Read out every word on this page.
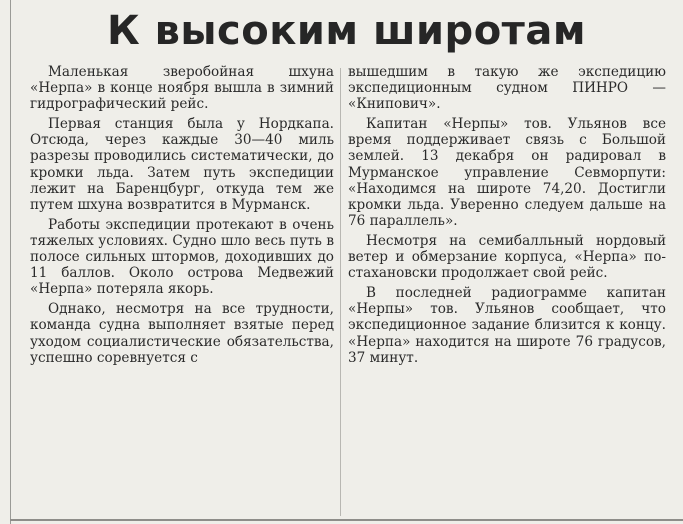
К высоким широтам

Маленькая зверобойная шхуна «Нерпа» в конце ноября вышла в зимний гидрографический рейс.

Первая станция была у Нордкапа. Отсюда, через каждые 30—40 миль разрезы проводились систематически, до кромки льда. Затем путь экспедиции лежит на Баренцбург, откуда тем же путем шхуна возвратится в Мурманск.

Работы экспедиции протекают в очень тяжелых условиях. Судно шло весь путь в полосе сильных штормов, доходивших до 11 баллов. Около острова Медвежий «Нерпа» потеряла якорь.

Однако, несмотря на все трудности, команда судна выполняет взятые перед уходом социалистические обязательства, успешно соревнуется с

вышедшим в такую же экспедицию экспедиционным судном ПИНРО — «Книпович».

Капитан «Нерпы» тов. Ульянов все время поддерживает связь с Большой землей. 13 декабря он радировал в Мурманское управление Севморпути: «Находимся на широте 74,20. Достигли кромки льда. Уверенно следуем дальше на 76 параллель».

Несмотря на семибалльный нордовый ветер и обмерзание корпуса, «Нерпа» по-стахановски продолжает свой рейс.

В последней радиограмме капитан «Нерпы» тов. Ульянов сообщает, что экспедиционное задание близится к концу. «Нерпа» находится на широте 76 градусов, 37 минут.
